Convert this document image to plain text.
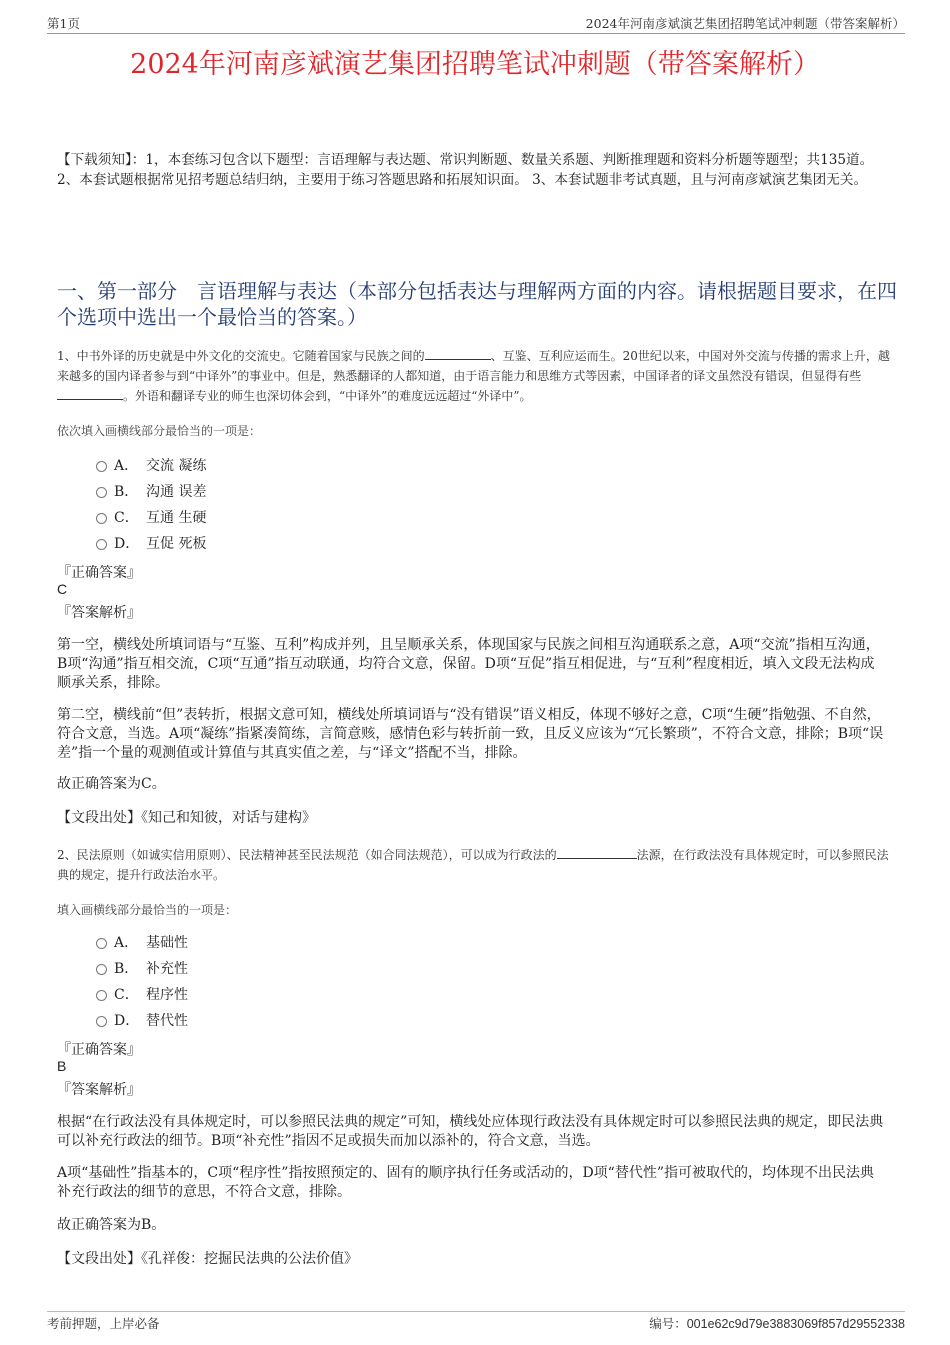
第1页	2024年河南彦斌演艺集团招聘笔试冲刺题（带答案解析）
2024年河南彦斌演艺集团招聘笔试冲刺题（带答案解析）
【下载须知】：1，本套练习包含以下题型：言语理解与表达题、常识判断题、数量关系题、判断推理题和资料分析题等题型；共135道。 2、本套试题根据常见招考题总结归纳，主要用于练习答题思路和拓展知识面。 3、本套试题非考试真题，且与河南彦斌演艺集团无关。
一、第一部分　言语理解与表达（本部分包括表达与理解两方面的内容。请根据题目要求，在四个选项中选出一个最恰当的答案。）
1、中书外译的历史就是中外文化的交流史。它随着国家与民族之间的	、互鉴、互利应运而生。20世纪以来，中国对外交流与传播的需求上升，越来越多的国内译者参与到“中译外”的事业中。但是，熟悉翻译的人都知道，由于语言能力和思维方式等因素，中国译者的译文虽然没有错误，但显得有些。外语和翻译专业的师生也深切体会到，“中译外”的难度远远超过“外译中”。
依次填入画横线部分最恰当的一项是：
A． 交流 凝练
B． 沟通 误差
C． 互通 生硬
D． 互促 死板
『正确答案』
C
『答案解析』
第一空，横线处所填词语与“互鉴、互利”构成并列，且呈顺承关系，体现国家与民族之间相互沟通联系之意，A项“交流”指相互沟通，B项“沟通”指互相交流，C项“互通”指互动联通，均符合文意，保留。D项“互促”指互相促进，与“互利”程度相近，填入文段无法构成顺承关系，排除。
第二空，横线前“但”表转折，根据文意可知，横线处所填词语与“没有错误”语义相反，体现不够好之意，C项“生硬”指勉强、不自然，符合文意，当选。A项“凝练”指紧凑简练，言简意赅，感情色彩与转折前一致，且反义应该为“冗长繁琐”，不符合文意，排除；B项“误差”指一个量的观测值或计算值与其真实值之差，与“译文”搭配不当，排除。
故正确答案为C。
【文段出处】《知己和知彼，对话与建构》
2、民法原则（如诚实信用原则）、民法精神甚至民法规范（如合同法规范），可以成为行政法的	法源，在行政法没有具体规定时，可以参照民法典的规定，提升行政法治水平。
填入画横线部分最恰当的一项是：
A． 基础性
B． 补充性
C． 程序性
D． 替代性
『正确答案』
B
『答案解析』
根据“在行政法没有具体规定时，可以参照民法典的规定”可知，横线处应体现行政法没有具体规定时可以参照民法典的规定，即民法典可以补充行政法的细节。B项“补充性”指因不足或损失而加以添补的，符合文意，当选。
A项“基础性”指基本的，C项“程序性”指按照预定的、固有的顺序执行任务或活动的，D项“替代性”指可被取代的，均体现不出民法典补充行政法的细节的意思，不符合文意，排除。
故正确答案为B。
【文段出处】《孔祥俊：挖掘民法典的公法价值》
考前押题，上岸必备	编号：001e62c9d79e3883069f857d29552338
